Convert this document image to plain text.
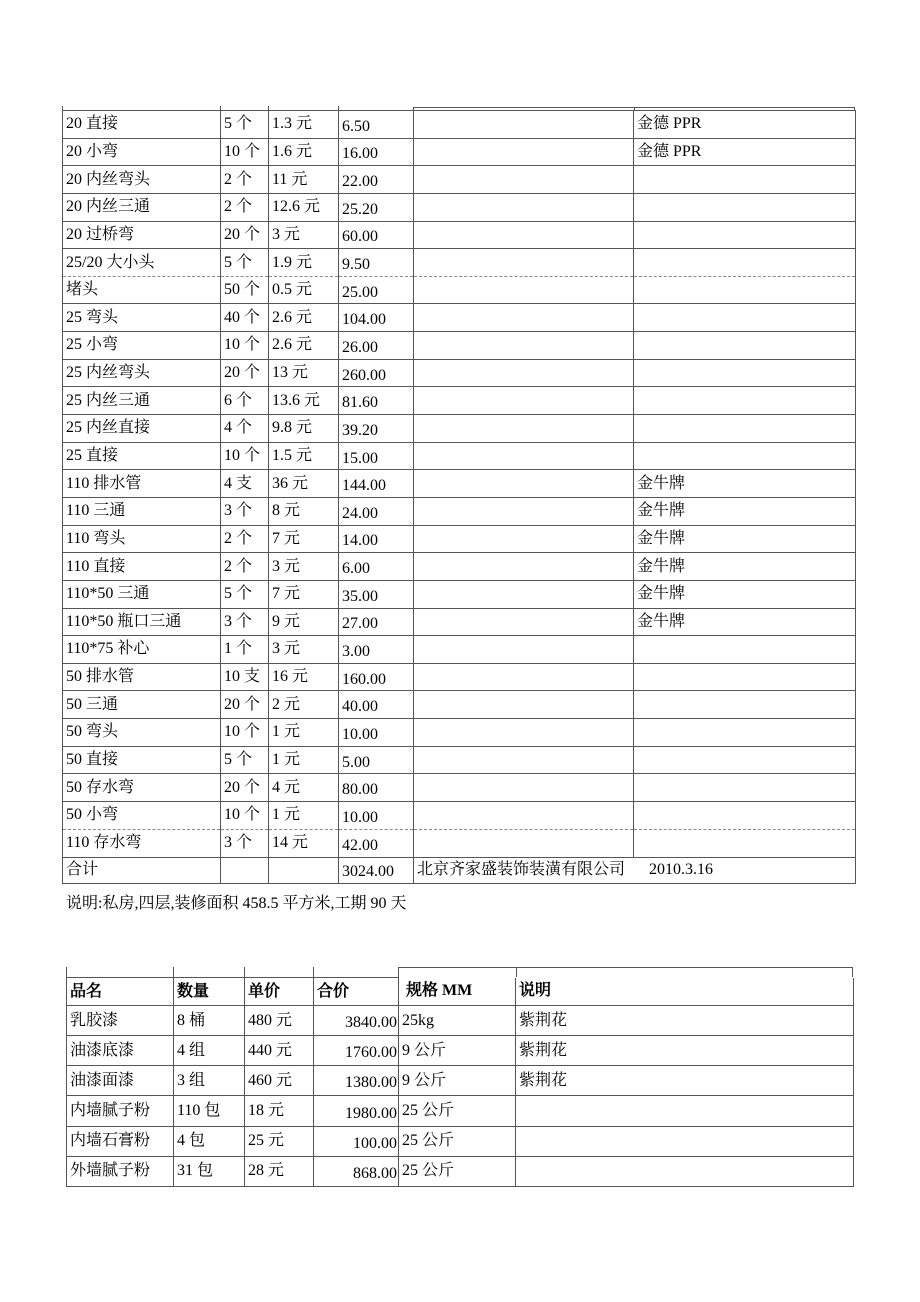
20 直接	5 个	1.3 元	6.50		金德 PPR
20 小弯	10 个	1.6 元	16.00		金德 PPR
20 内丝弯头	2 个	11 元	22.00		
20 内丝三通	2 个	12.6 元	25.20		
20 过桥弯	20 个	3 元	60.00		
25/20 大小头	5 个	1.9 元	9.50		
堵头	50 个	0.5 元	25.00		
25 弯头	40 个	2.6 元	104.00		
25 小弯	10 个	2.6 元	26.00		
25 内丝弯头	20 个	13 元	260.00		
25 内丝三通	6 个	13.6 元	81.60		
25 内丝直接	4 个	9.8 元	39.20		
25 直接	10 个	1.5 元	15.00		
110 排水管	4 支	36 元	144.00		金牛牌
110 三通	3 个	8 元	24.00		金牛牌
110 弯头	2 个	7 元	14.00		金牛牌
110 直接	2 个	3 元	6.00		金牛牌
110*50 三通	5 个	7 元	35.00		金牛牌
110*50 瓶口三通	3 个	9 元	27.00		金牛牌
110*75 补心	1 个	3 元	3.00		
50 排水管	10 支	16 元	160.00		
50 三通	20 个	2 元	40.00		
50 弯头	10 个	1 元	10.00		
50 直接	5 个	1 元	5.00		
50 存水弯	20 个	4 元	80.00		
50 小弯	10 个	1 元	10.00		
110 存水弯	3 个	14 元	42.00		
合计			3024.00	北京齐家盛装饰装潢有限公司 2010.3.16	
说明:私房,四层,装修面积 458.5 平方米,工期 90 天
品名	数量	单价	合价	规格 MM	说明
乳胶漆	8 桶	480 元	3840.00	25kg	紫荆花
油漆底漆	4 组	440 元	1760.00	9 公斤	紫荆花
油漆面漆	3 组	460 元	1380.00	9 公斤	紫荆花
内墙腻子粉	110 包	18 元	1980.00	25 公斤	
内墙石膏粉	4 包	25 元	100.00	25 公斤	
外墙腻子粉	31 包	28 元	868.00	25 公斤	
